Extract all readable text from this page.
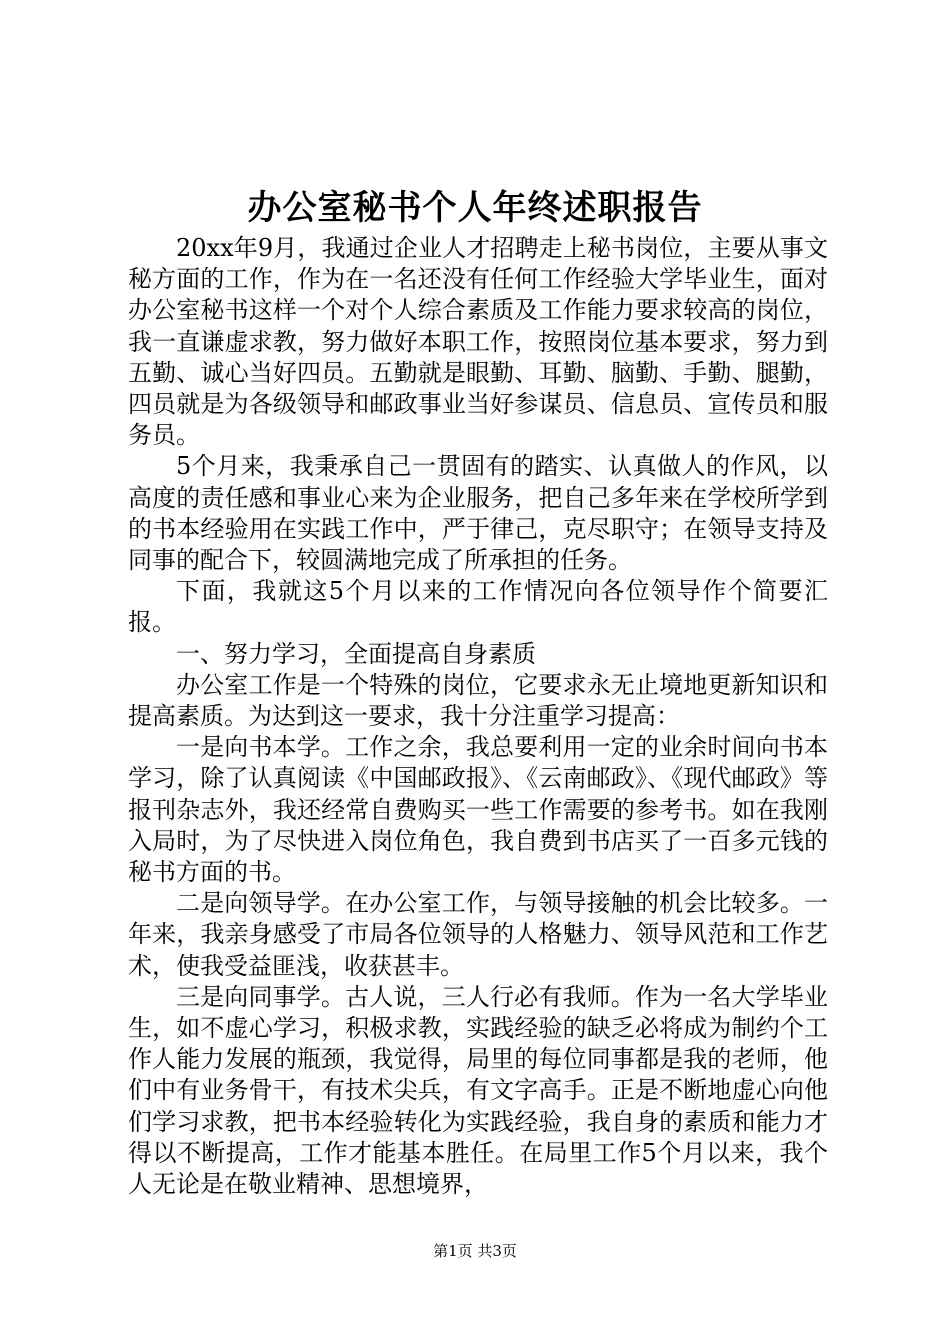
办公室秘书个人年终述职报告

20xx年9月，我通过企业人才招聘走上秘书岗位，主要从事文秘方面的工作，作为在一名还没有任何工作经验大学毕业生，面对办公室秘书这样一个对个人综合素质及工作能力要求较高的岗位，我一直谦虚求教，努力做好本职工作，按照岗位基本要求，努力到五勤、诚心当好四员。五勤就是眼勤、耳勤、脑勤、手勤、腿勤，四员就是为各级领导和邮政事业当好参谋员、信息员、宣传员和服务员。

5个月来，我秉承自己一贯固有的踏实、认真做人的作风，以高度的责任感和事业心来为企业服务，把自己多年来在学校所学到的书本经验用在实践工作中，严于律己，克尽职守；在领导支持及同事的配合下，较圆满地完成了所承担的任务。

下面，我就这5个月以来的工作情况向各位领导作个简要汇报。

一、努力学习，全面提高自身素质

办公室工作是一个特殊的岗位，它要求永无止境地更新知识和提高素质。为达到这一要求，我十分注重学习提高：

一是向书本学。工作之余，我总要利用一定的业余时间向书本学习，除了认真阅读《中国邮政报》、《云南邮政》、《现代邮政》等报刊杂志外，我还经常自费购买一些工作需要的参考书。如在我刚入局时，为了尽快进入岗位角色，我自费到书店买了一百多元钱的秘书方面的书。

二是向领导学。在办公室工作，与领导接触的机会比较多。一年来，我亲身感受了市局各位领导的人格魅力、领导风范和工作艺术，使我受益匪浅，收获甚丰。

三是向同事学。古人说，三人行必有我师。作为一名大学毕业生，如不虚心学习，积极求教，实践经验的缺乏必将成为制约个工作人能力发展的瓶颈，我觉得，局里的每位同事都是我的老师，他们中有业务骨干，有技术尖兵，有文字高手。正是不断地虚心向他们学习求教，把书本经验转化为实践经验，我自身的素质和能力才得以不断提高，工作才能基本胜任。在局里工作5个月以来，我个人无论是在敬业精神、思想境界，

第1页 共3页
